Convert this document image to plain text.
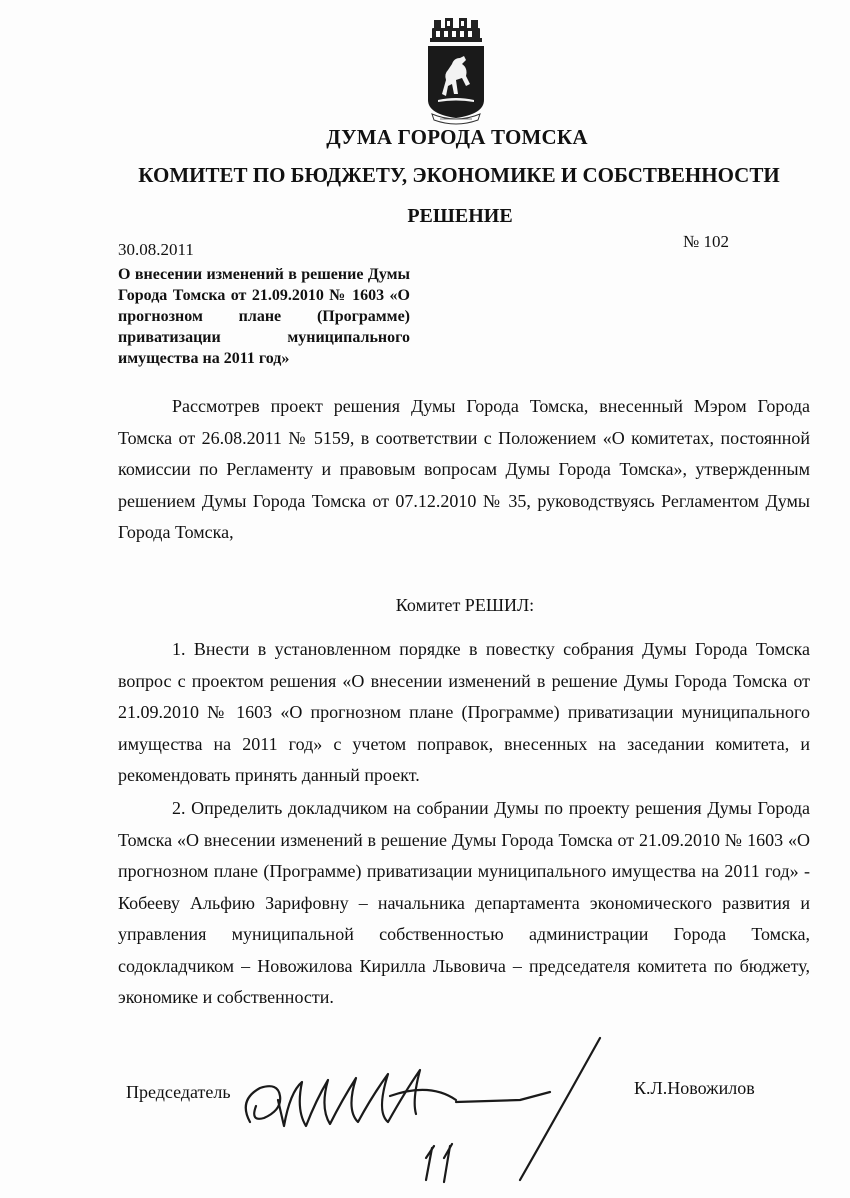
ДУМА ГОРОДА ТОМСКА
КОМИТЕТ ПО БЮДЖЕТУ, ЭКОНОМИКЕ И СОБСТВЕННОСТИ
РЕШЕНИЕ
30.08.2011	№ 102
О внесении изменений в решение Думы Города Томска от 21.09.2010 № 1603 «О прогнозном плане (Программе) приватизации муниципального имущества на 2011 год»
Рассмотрев проект решения Думы Города Томска, внесенный Мэром Города Томска от 26.08.2011 № 5159, в соответствии с Положением «О комитетах, постоянной комиссии по Регламенту и правовым вопросам Думы Города Томска», утвержденным решением Думы Города Томска от 07.12.2010 № 35, руководствуясь Регламентом Думы Города Томска,
Комитет РЕШИЛ:
1. Внести в установленном порядке в повестку собрания Думы Города Томска вопрос с проектом решения «О внесении изменений в решение Думы Города Томска от 21.09.2010 № 1603 «О прогнозном плане (Программе) приватизации муниципального имущества на 2011 год» с учетом поправок, внесенных на заседании комитета, и рекомендовать принять данный проект.
2. Определить докладчиком на собрании Думы по проекту решения Думы Города Томска «О внесении изменений в решение Думы Города Томска от 21.09.2010 № 1603 «О прогнозном плане (Программе) приватизации муниципального имущества на 2011 год» - Кобееву Альфию Зарифовну – начальника департамента экономического развития и управления муниципальной собственностью администрации Города Томска, содокладчиком – Новожилова Кирилла Львовича – председателя комитета по бюджету, экономике и собственности.
Председатель	К.Л.Новожилов
